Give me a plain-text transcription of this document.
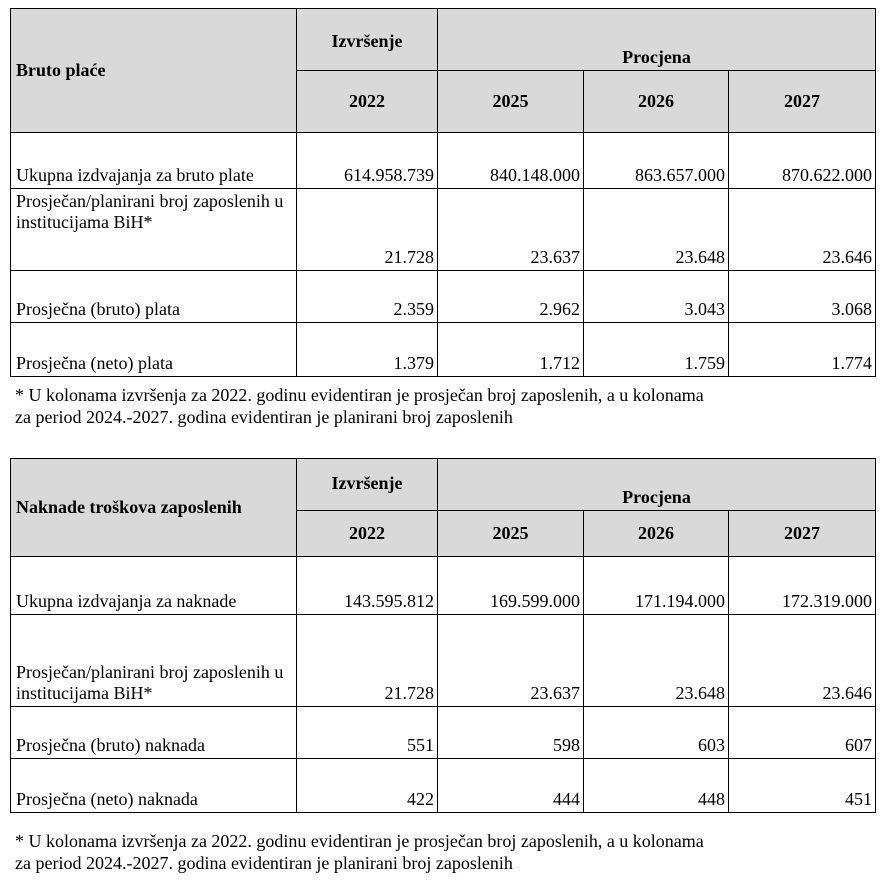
Bruto plaće	Izvršenje	Procjena		
	2022	2025	2026	2027
Ukupna izdvajanja za bruto plate	614.958.739	840.148.000	863.657.000	870.622.000
Prosječan/planirani broj zaposlenih u institucijama BiH*	21.728	23.637	23.648	23.646
Prosječna (bruto) plata	2.359	2.962	3.043	3.068
Prosječna (neto) plata	1.379	1.712	1.759	1.774
* U kolonama izvršenja za 2022. godinu evidentiran je prosječan broj zaposlenih, a u kolonama
za period 2024.-2027. godina evidentiran je planirani broj zaposlenih
Naknade troškova zaposlenih	Izvršenje	Procjena		
	2022	2025	2026	2027
Ukupna izdvajanja za naknade	143.595.812	169.599.000	171.194.000	172.319.000
Prosječan/planirani broj zaposlenih u institucijama BiH*	21.728	23.637	23.648	23.646
Prosječna (bruto) naknada	551	598	603	607
Prosječna (neto) naknada	422	444	448	451
* U kolonama izvršenja za 2022. godinu evidentiran je prosječan broj zaposlenih, a u kolonama
za period 2024.-2027. godina evidentiran je planirani broj zaposlenih
